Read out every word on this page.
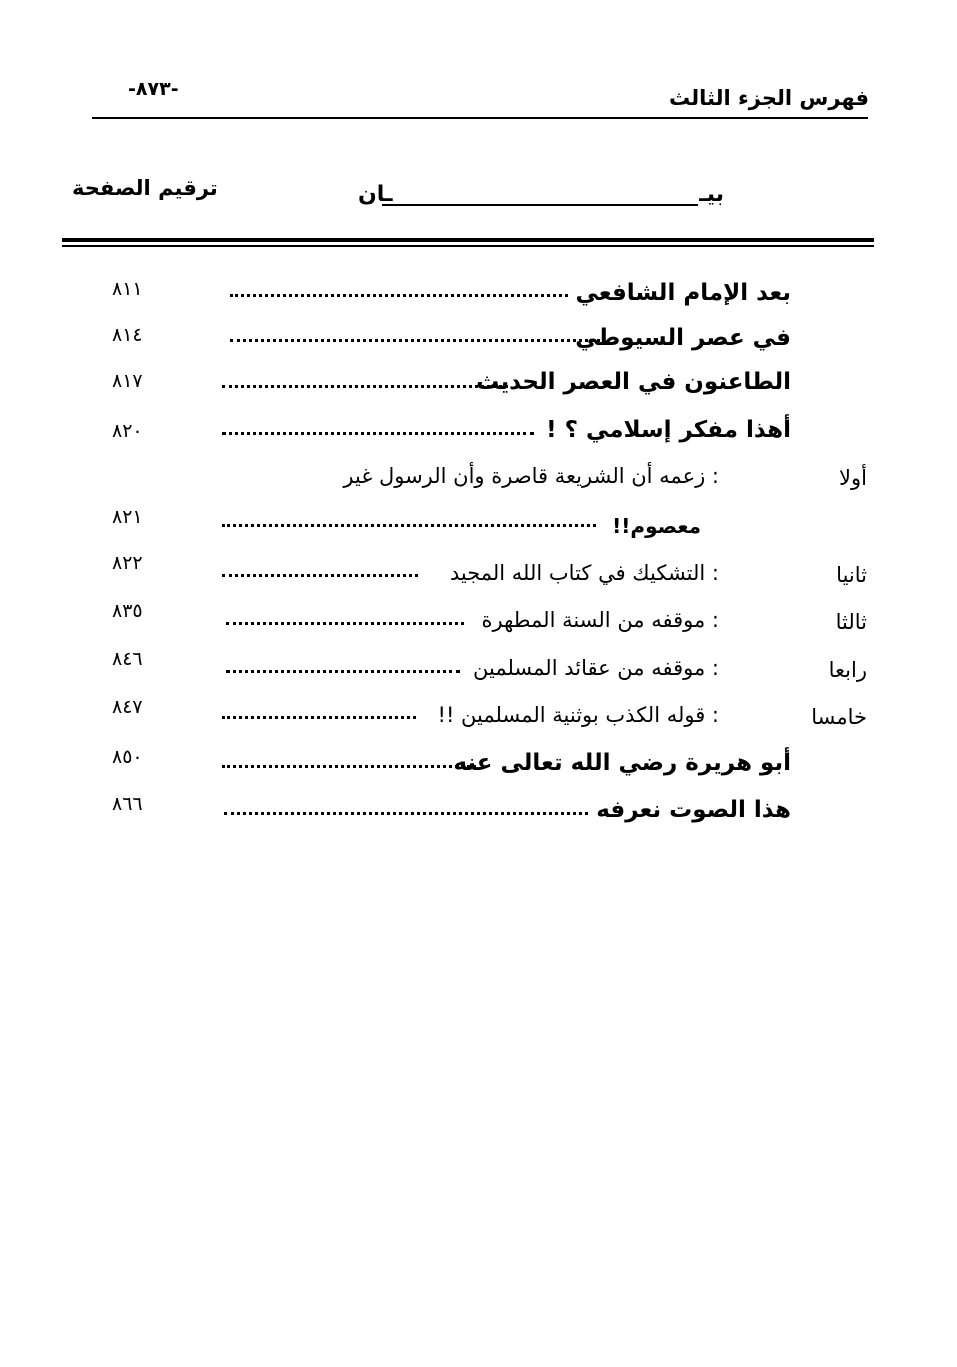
فهرس الجزء الثالث
-٨٧٣-
ترقيم الصفحة	بيـ
ـان
بعد الإمام الشافعي
٨١١
في عصر السيوطي
٨١٤
الطاعنون في العصر الحديث
٨١٧
أهذا مفكر إسلامي ؟ !
٨٢٠
أولا
: زعمه أن الشريعة قاصرة وأن الرسول غير
معصوم!!
٨٢١
ثانيا
: التشكيك في كتاب الله المجيد
٨٢٢
ثالثا
: موقفه من السنة المطهرة
٨٣٥
رابعا
: موقفه من عقائد المسلمين
٨٤٦
خامسا
: قوله الكذب بوثنية المسلمين !!
٨٤٧
أبو هريرة رضي الله تعالى عنه
٨٥٠
هذا الصوت نعرفه
٨٦٦
